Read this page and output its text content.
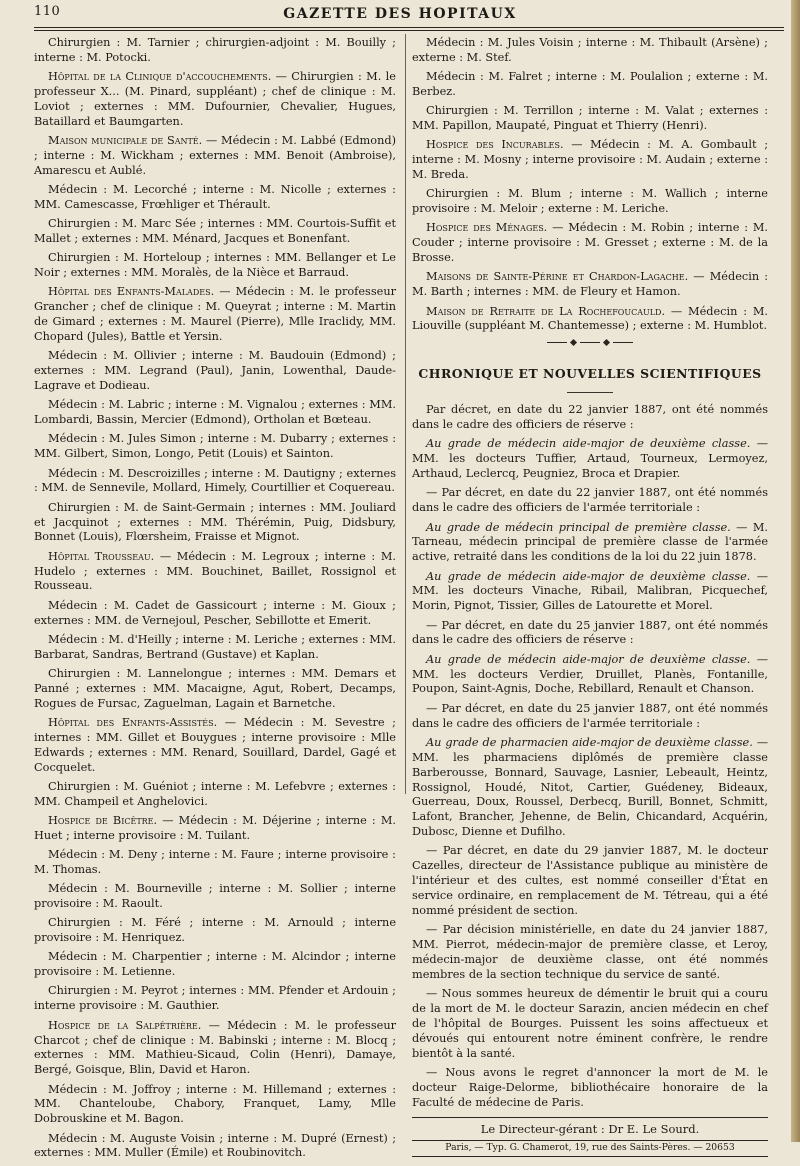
110	GAZETTE DES HOPITAUX

Chirurgien : M. Tarnier ; chirurgien-adjoint : M. Bouilly ; interne : M. Potocki.

Hôpital de la Clinique d'accouchements. — Chirurgien : M. le professeur X... (M. Pinard, suppléant) ; chef de clinique : M. Loviot ; externes : MM. Dufournier, Chevalier, Hugues, Bataillard et Baumgarten.

Maison municipale de Santé. — Médecin : M. Labbé (Edmond) ; interne : M. Wickham ; externes : MM. Benoit (Ambroise), Amarescu et Aublé.

Médecin : M. Lecorché ; interne : M. Nicolle ; externes : MM. Camescasse, Frœhliger et Thérault.

Chirurgien : M. Marc Sée ; internes : MM. Courtois-Suffit et Mallet ; externes : MM. Ménard, Jacques et Bonenfant.

Chirurgien : M. Horteloup ; internes : MM. Bellanger et Le Noir ; externes : MM. Moralès, de la Nièce et Barraud.

Hôpital des Enfants-Malades. — Médecin : M. le professeur Grancher ; chef de clinique : M. Queyrat ; interne : M. Martin de Gimard ; externes : M. Maurel (Pierre), Mlle Iraclidy, MM. Chopard (Jules), Battle et Yersin.

Médecin : M. Ollivier ; interne : M. Baudouin (Edmond) ; externes : MM. Legrand (Paul), Janin, Lowenthal, Daude-Lagrave et Dodieau.

Médecin : M. Labric ; interne : M. Vignalou ; externes : MM. Lombardi, Bassin, Mercier (Edmond), Ortholan et Bœteau.

Médecin : M. Jules Simon ; interne : M. Dubarry ; externes : MM. Gilbert, Simon, Longo, Petit (Louis) et Sainton.

Médecin : M. Descroizilles ; interne : M. Dautigny ; externes : MM. de Sennevile, Mollard, Himely, Courtillier et Coquereau.

Chirurgien : M. de Saint-Germain ; internes : MM. Jouliard et Jacquinot ; externes : MM. Thérémin, Puig, Didsbury, Bonnet (Louis), Flœrsheim, Fraisse et Mignot.

Hôpital Trousseau. — Médecin : M. Legroux ; interne : M. Hudelo ; externes : MM. Bouchinet, Baillet, Rossignol et Rousseau.

Médecin : M. Cadet de Gassicourt ; interne : M. Gioux ; externes : MM. de Vernejoul, Pescher, Sebillotte et Emerit.

Médecin : M. d'Heilly ; interne : M. Leriche ; externes : MM. Barbarat, Sandras, Bertrand (Gustave) et Kaplan.

Chirurgien : M. Lannelongue ; internes : MM. Demars et Panné ; externes : MM. Macaigne, Agut, Robert, Decamps, Rogues de Fursac, Zaguelman, Lagain et Barnetche.

Hôpital des Enfants-Assistés. — Médecin : M. Sevestre ; internes : MM. Gillet et Bouygues ; interne provisoire : Mlle Edwards ; externes : MM. Renard, Souillard, Dardel, Gagé et Cocquelet.

Chirurgien : M. Guéniot ; interne : M. Lefebvre ; externes : MM. Champeil et Anghelovici.

Hospice de Bicêtre. — Médecin : M. Déjerine ; interne : M. Huet ; interne provisoire : M. Tuilant.

Médecin : M. Deny ; interne : M. Faure ; interne provisoire : M. Thomas.

Médecin : M. Bourneville ; interne : M. Sollier ; interne provisoire : M. Raoult.

Chirurgien : M. Féré ; interne : M. Arnould ; interne provisoire : M. Henriquez.

Médecin : M. Charpentier ; interne : M. Alcindor ; interne provisoire : M. Letienne.

Chirurgien : M. Peyrot ; internes : MM. Pfender et Ardouin ; interne provisoire : M. Gauthier.

Hospice de la Salpêtrière. — Médecin : M. le professeur Charcot ; chef de clinique : M. Babinski ; interne : M. Blocq ; externes : MM. Mathieu-Sicaud, Colin (Henri), Damaye, Bergé, Goisque, Blin, David et Haron.

Médecin : M. Joffroy ; interne : M. Hillemand ; externes : MM. Chanteloube, Chabory, Franquet, Lamy, Mlle Dobrouskine et M. Bagon.

Médecin : M. Auguste Voisin ; interne : M. Dupré (Ernest) ; externes : MM. Muller (Émile) et Roubinovitch.

Médecin : M. Jules Voisin ; interne : M. Thibault (Arsène) ; externe : M. Stef.

Médecin : M. Falret ; interne : M. Poulalion ; externe : M. Berbez.

Chirurgien : M. Terrillon ; interne : M. Valat ; externes : MM. Papillon, Maupaté, Pinguat et Thierry (Henri).

Hospice des Incurables. — Médecin : M. A. Gombault ; interne : M. Mosny ; interne provisoire : M. Audain ; externe : M. Breda.

Chirurgien : M. Blum ; interne : M. Wallich ; interne provisoire : M. Meloir ; externe : M. Leriche.

Hospice des Ménages. — Médecin : M. Robin ; interne : M. Couder ; interne provisoire : M. Gresset ; externe : M. de la Brosse.

Maisons de Sainte-Périne et Chardon-Lagache. — Médecin : M. Barth ; internes : MM. de Fleury et Hamon.

Maison de Retraite de La Rochefoucauld. — Médecin : M. Liouville (suppléant M. Chantemesse) ; externe : M. Humblot.

CHRONIQUE ET NOUVELLES SCIENTIFIQUES

Par décret, en date du 22 janvier 1887, ont été nommés dans le cadre des officiers de réserve :

Au grade de médecin aide-major de deuxième classe. — MM. les docteurs Tuffier, Artaud, Tourneux, Lermoyez, Arthaud, Leclercq, Peugniez, Broca et Drapier.

— Par décret, en date du 22 janvier 1887, ont été nommés dans le cadre des officiers de l'armée territoriale :

Au grade de médecin principal de première classe. — M. Tarneau, médecin principal de première classe de l'armée active, retraité dans les conditions de la loi du 22 juin 1878.

Au grade de médecin aide-major de deuxième classe. — MM. les docteurs Vinache, Ribail, Malibran, Picquechef, Morin, Pignot, Tissier, Gilles de Latourette et Morel.

— Par décret, en date du 25 janvier 1887, ont été nommés dans le cadre des officiers de réserve :

Au grade de médecin aide-major de deuxième classe. — MM. les docteurs Verdier, Druillet, Planès, Fontanille, Poupon, Saint-Agnis, Doche, Rebillard, Renault et Chanson.

— Par décret, en date du 25 janvier 1887, ont été nommés dans le cadre des officiers de l'armée territoriale :

Au grade de pharmacien aide-major de deuxième classe. — MM. les pharmaciens diplômés de première classe Barberousse, Bonnard, Sauvage, Lasnier, Lebeault, Heintz, Rossignol, Houdé, Nitot, Cartier, Guédeney, Bideaux, Guerreau, Doux, Roussel, Derbecq, Burill, Bonnet, Schmitt, Lafont, Brancher, Jehenne, de Belin, Chicandard, Acquérin, Dubosc, Dienne et Dufilho.

— Par décret, en date du 29 janvier 1887, M. le docteur Cazelles, directeur de l'Assistance publique au ministère de l'intérieur et des cultes, est nommé conseiller d'État en service ordinaire, en remplacement de M. Tétreau, qui a été nommé président de section.

— Par décision ministérielle, en date du 24 janvier 1887, MM. Pierrot, médecin-major de première classe, et Leroy, médecin-major de deuxième classe, ont été nommés membres de la section technique du service de santé.

— Nous sommes heureux de démentir le bruit qui a couru de la mort de M. le docteur Sarazin, ancien médecin en chef de l'hôpital de Bourges. Puissent les soins affectueux et dévoués qui entourent notre éminent confrère, le rendre bientôt à la santé.

— Nous avons le regret d'annoncer la mort de M. le docteur Raige-Delorme, bibliothécaire honoraire de la Faculté de médecine de Paris.

Le Directeur-gérant : Dr E. Le Sourd.
Paris, — Typ. G. Chamerot, 19, rue des Saints-Pères. — 20653
